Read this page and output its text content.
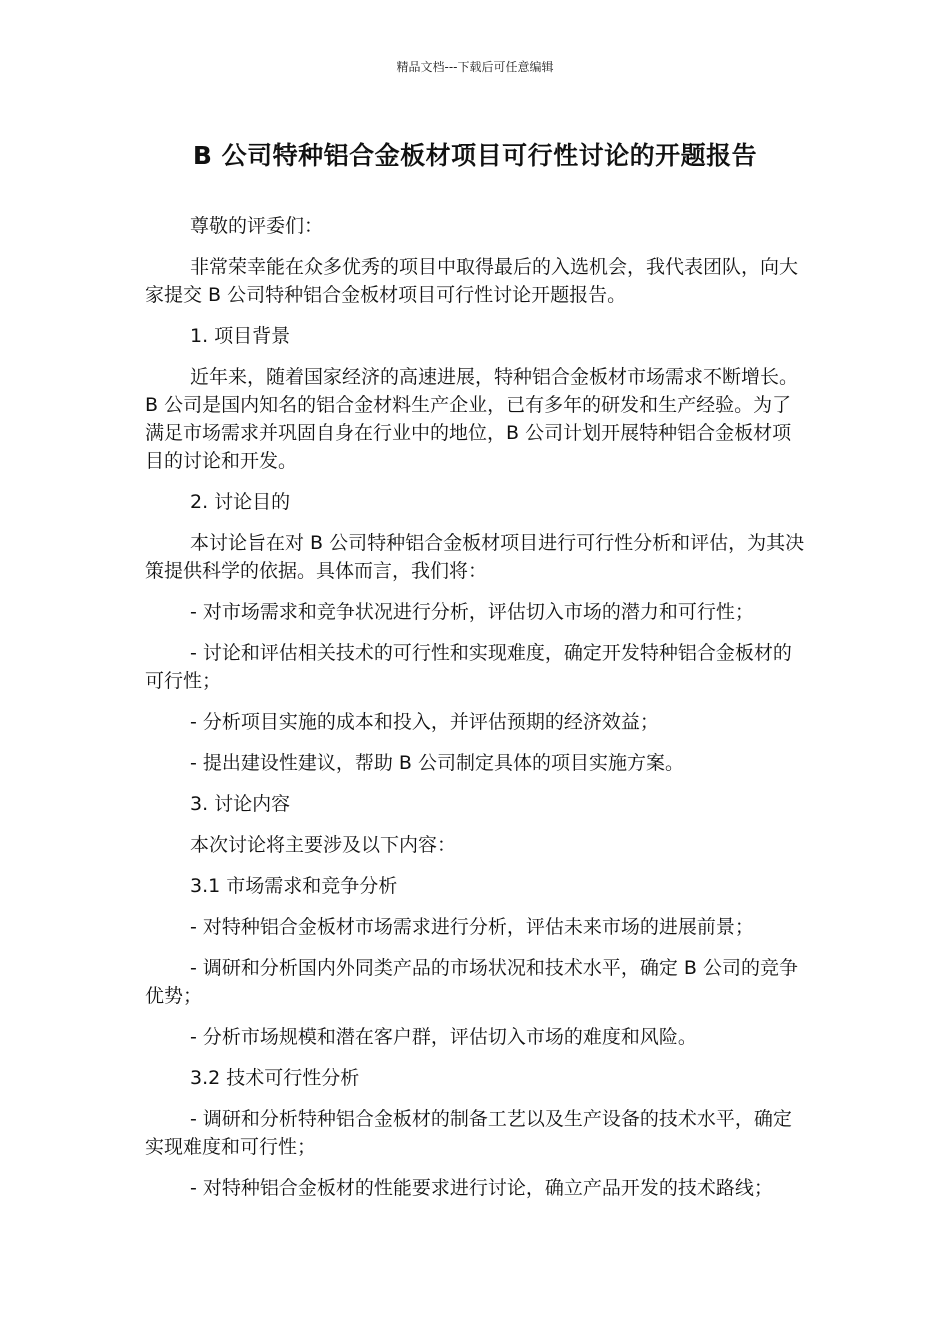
精品文档---下载后可任意编辑
B 公司特种铝合金板材项目可行性讨论的开题报告

尊敬的评委们：

非常荣幸能在众多优秀的项目中取得最后的入选机会，我代表团队，向大家提交 B 公司特种铝合金板材项目可行性讨论开题报告。

1. 项目背景

近年来，随着国家经济的高速进展，特种铝合金板材市场需求不断增长。B 公司是国内知名的铝合金材料生产企业，已有多年的研发和生产经验。为了满足市场需求并巩固自身在行业中的地位，B 公司计划开展特种铝合金板材项目的讨论和开发。

2. 讨论目的

本讨论旨在对 B 公司特种铝合金板材项目进行可行性分析和评估，为其决策提供科学的依据。具体而言，我们将：

- 对市场需求和竞争状况进行分析，评估切入市场的潜力和可行性；

- 讨论和评估相关技术的可行性和实现难度，确定开发特种铝合金板材的可行性；

- 分析项目实施的成本和投入，并评估预期的经济效益；

- 提出建设性建议，帮助 B 公司制定具体的项目实施方案。

3. 讨论内容

本次讨论将主要涉及以下内容：

3.1 市场需求和竞争分析

- 对特种铝合金板材市场需求进行分析，评估未来市场的进展前景；

- 调研和分析国内外同类产品的市场状况和技术水平，确定 B 公司的竞争优势；

- 分析市场规模和潜在客户群，评估切入市场的难度和风险。

3.2 技术可行性分析

- 调研和分析特种铝合金板材的制备工艺以及生产设备的技术水平，确定实现难度和可行性；

- 对特种铝合金板材的性能要求进行讨论，确立产品开发的技术路线；
